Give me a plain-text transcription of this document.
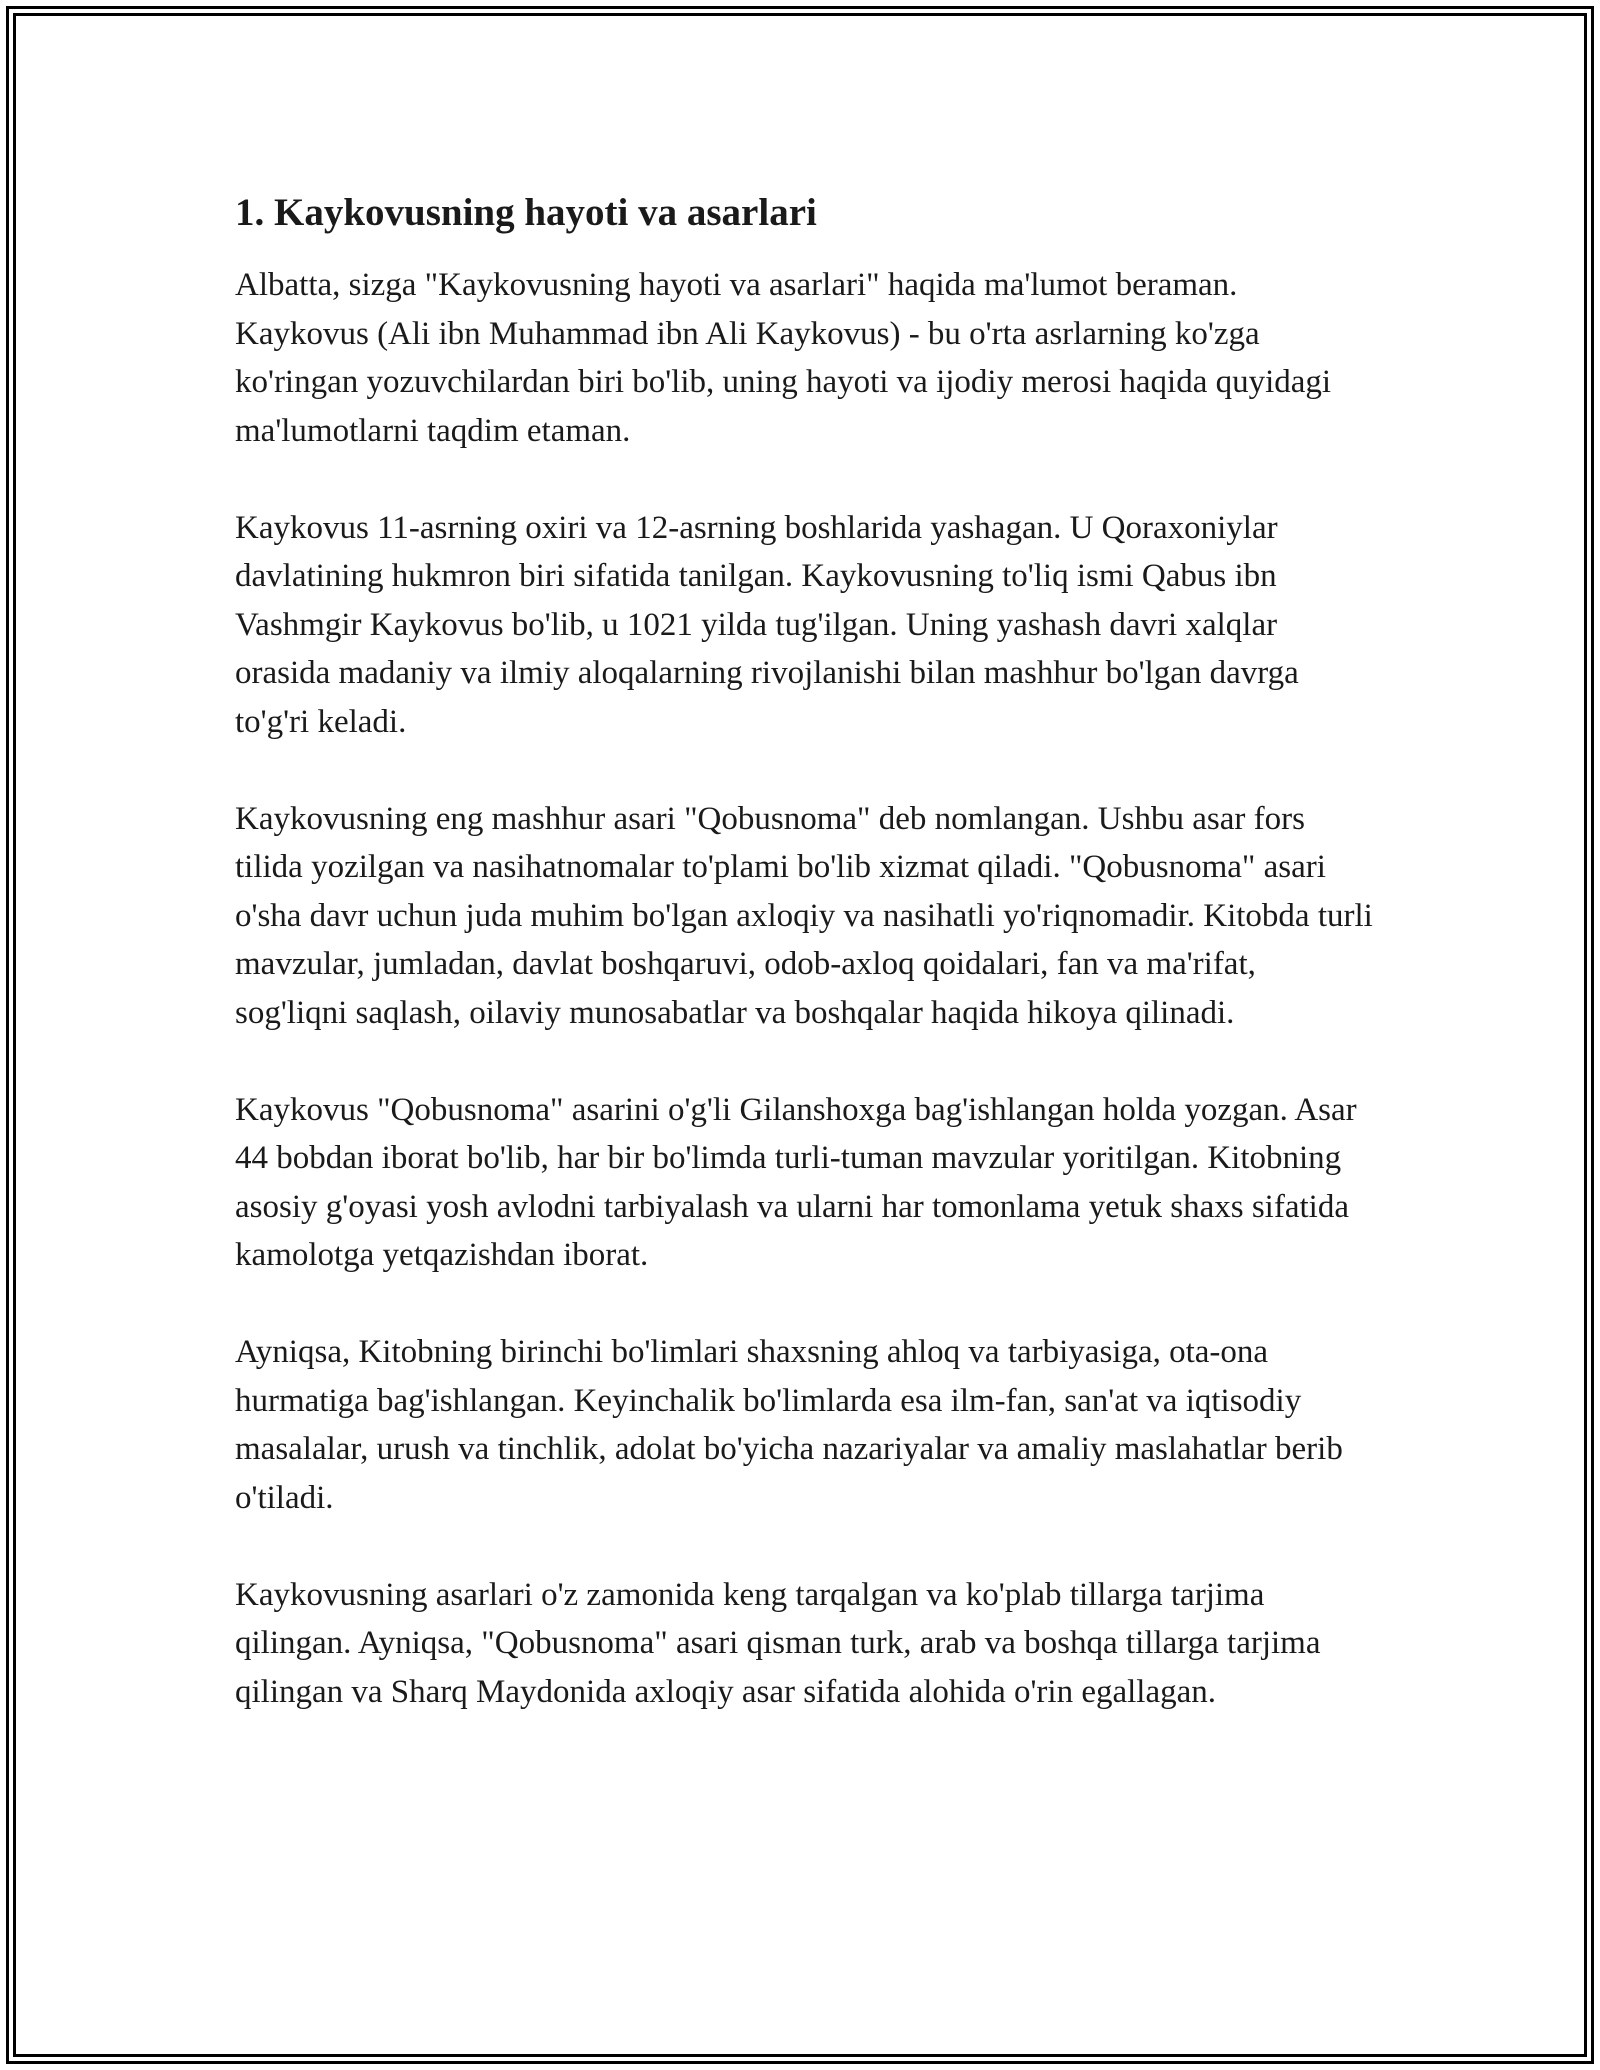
1. Kaykovusning hayoti va asarlari

Albatta, sizga "Kaykovusning hayoti va asarlari" haqida ma'lumot beraman. Kaykovus (Ali ibn Muhammad ibn Ali Kaykovus) - bu o'rta asrlarning ko'zga ko'ringan yozuvchilardan biri bo'lib, uning hayoti va ijodiy merosi haqida quyidagi ma'lumotlarni taqdim etaman.

Kaykovus 11-asrning oxiri va 12-asrning boshlarida yashagan. U Qoraxoniylar davlatining hukmron biri sifatida tanilgan. Kaykovusning to'liq ismi Qabus ibn Vashmgir Kaykovus bo'lib, u 1021 yilda tug'ilgan. Uning yashash davri xalqlar orasida madaniy va ilmiy aloqalarning rivojlanishi bilan mashhur bo'lgan davrga to'g'ri keladi.

Kaykovusning eng mashhur asari "Qobusnoma" deb nomlangan. Ushbu asar fors tilida yozilgan va nasihatnomalar to'plami bo'lib xizmat qiladi. "Qobusnoma" asari o'sha davr uchun juda muhim bo'lgan axloqiy va nasihatli yo'riqnomadir. Kitobda turli mavzular, jumladan, davlat boshqaruvi, odob-axloq qoidalari, fan va ma'rifat, sog'liqni saqlash, oilaviy munosabatlar va boshqalar haqida hikoya qilinadi.

Kaykovus "Qobusnoma" asarini o'g'li Gilanshoxga bag'ishlangan holda yozgan. Asar 44 bobdan iborat bo'lib, har bir bo'limda turli-tuman mavzular yoritilgan. Kitobning asosiy g'oyasi yosh avlodni tarbiyalash va ularni har tomonlama yetuk shaxs sifatida kamolotga yetqazishdan iborat.

Ayniqsa, Kitobning birinchi bo'limlari shaxsning ahloq va tarbiyasiga, ota-ona hurmatiga bag'ishlangan. Keyinchalik bo'limlarda esa ilm-fan, san'at va iqtisodiy masalalar, urush va tinchlik, adolat bo'yicha nazariyalar va amaliy maslahatlar berib o'tiladi.

Kaykovusning asarlari o'z zamonida keng tarqalgan va ko'plab tillarga tarjima qilingan. Ayniqsa, "Qobusnoma" asari qisman turk, arab va boshqa tillarga tarjima qilingan va Sharq Maydonida axloqiy asar sifatida alohida o'rin egallagan.
